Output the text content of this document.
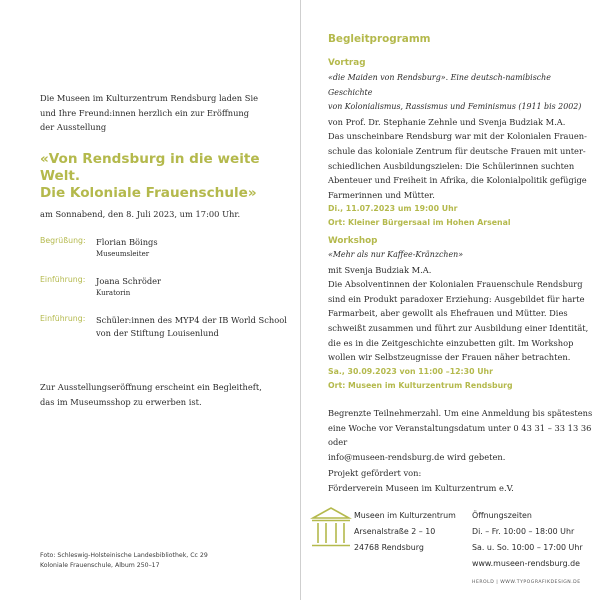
Die Museen im Kulturzentrum Rendsburg laden Sie
und Ihre Freund:innen herzlich ein zur Eröffnung
der Ausstellung
«Von Rendsburg in die weite Welt.
Die Koloniale Frauenschule»
am Sonnabend, den 8. Juli 2023, um 17:00 Uhr.
Begrüßung:	Florian Böings
Museumsleiter
Einführung:	Joana Schröder
Kuratorin
Einführung:	Schüler:innen des MYP4 der IB World School
von der Stiftung Louisenlund
Zur Ausstellungseröffnung erscheint ein Begleitheft,
das im Museumsshop zu erwerben ist.
Foto: Schleswig-Holsteinische Landesbibliothek, Cc 29
Koloniale Frauenschule, Album 250–17
Begleitprogramm
Vortrag
«die Maiden von Rendsburg». Eine deutsch-namibische Geschichte
von Kolonialismus, Rassismus und Feminismus (1911 bis 2002)
von Prof. Dr. Stephanie Zehnle und Svenja Budziak M.A.
Das unscheinbare Rendsburg war mit der Kolonialen Frauen-
schule das koloniale Zentrum für deutsche Frauen mit unter-
schiedlichen Ausbildungszielen: Die Schülerinnen suchten
Abenteuer und Freiheit in Afrika, die Kolonialpolitik gefügige
Farmerinnen und Mütter.
Di., 11.07.2023 um 19:00 Uhr
Ort: Kleiner Bürgersaal im Hohen Arsenal
Workshop
«Mehr als nur Kaffee-Kränzchen»
mit Svenja Budziak M.A.
Die Absolventinnen der Kolonialen Frauenschule Rendsburg
sind ein Produkt paradoxer Erziehung: Ausgebildet für harte
Farmarbeit, aber gewollt als Ehefrauen und Mütter. Dies
schweißt zusammen und führt zur Ausbildung einer Identität,
die es in die Zeitgeschichte einzubetten gilt. Im Workshop
wollen wir Selbstzeugnisse der Frauen näher betrachten.
Sa., 30.09.2023 von 11:00 –12:30 Uhr
Ort: Museen im Kulturzentrum Rendsburg
Begrenzte Teilnehmerzahl. Um eine Anmeldung bis spätestens
eine Woche vor Veranstaltungsdatum unter 0 43 31 – 33 13 36 oder
info@museen-rendsburg.de wird gebeten.
Projekt gefördert von:
Förderverein Museen im Kulturzentrum e.V.
Museen im Kulturzentrum
Arsenalstraße 2 – 10
24768 Rendsburg
Öffnungszeiten
Di. – Fr. 10:00 – 18:00 Uhr
Sa. u. So. 10:00 – 17:00 Uhr
www.museen-rendsburg.de
HEROLD | WWW.TYPOGRAFIKDESIGN.DE
